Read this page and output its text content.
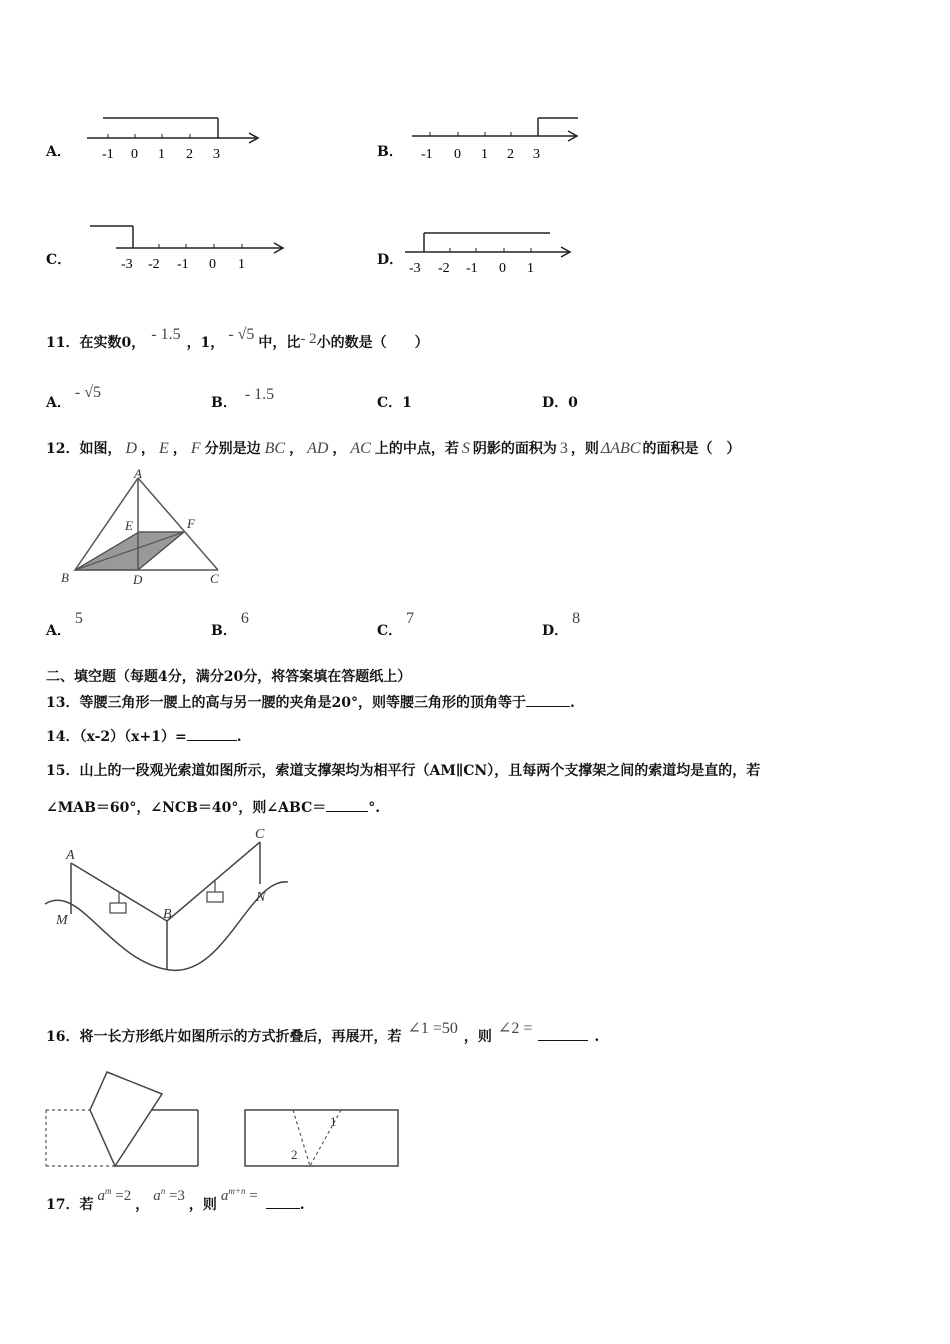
A． -1 0 1 2 3	B． -1 0 1 2 3
C．	-3 -2 -1 0 1	D．
-3 -2 -1 0 1
11．在实数0， - 1.5 ，1， - √5 中，比- 2小的数是（　　）
A．- √5
B． - 1.5	C．1	D．0
12．如图， D ， E ， F 分别是边 BC ， AD ， AC 上的中点，若 S 阴影的面积为 3 ，则 ΔABC 的面积是（　）
A
E	F
B	D	C
A．5
B．6
C．7
D．8
二、填空题（每题4分，满分20分，将答案填在答题纸上）
13．等腰三角形一腰上的高与另一腰的夹角是20°，则等腰三角形的顶角等于	.
14．（x-2）（x+1）=	.
15．山上的一段观光索道如图所示，索道支撑架均为相平行（AM∥CN），且每两个支撑架之间的索道均是直的，若
∠MAB＝60°，∠NCB＝40°，则∠ABC＝	°.
A
C
B
M
N
16．将一长方形纸片如图所示的方式折叠后，再展开，若 ∠1 =50 ，则 ∠2 =	.
1
2
17．若$a^m =2$，$a^n =3$，则$a^{m+n}$ =.
